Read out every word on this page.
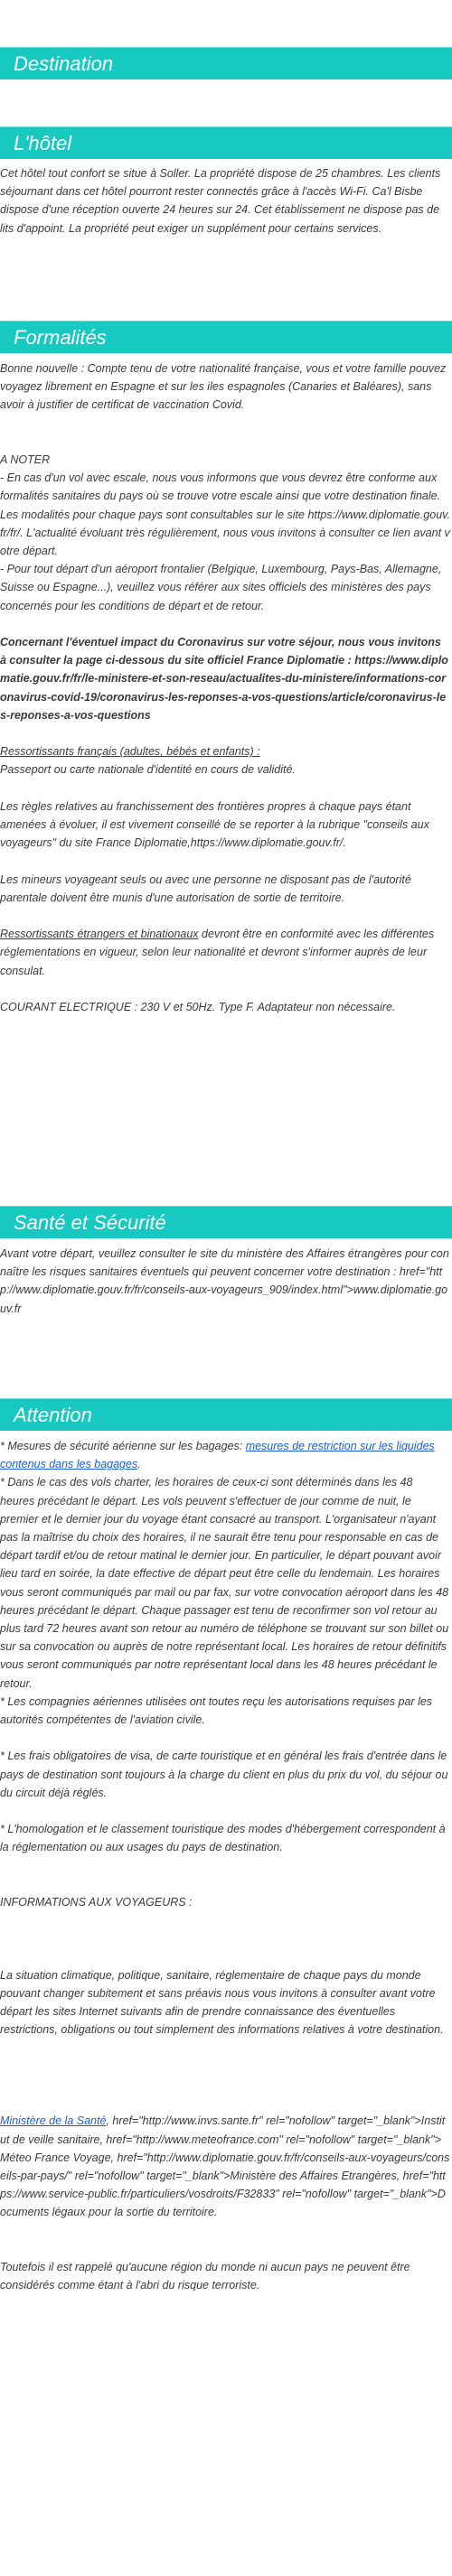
Destination
L'hôtel

Cet hôtel tout confort se situe à Soller. La propriété dispose de 25 chambres. Les clients séjournant dans cet hôtel pourront rester connectés grâce à l'accès Wi-Fi. Ca'l Bisbe dispose d'une réception ouverte 24 heures sur 24. Cet établissement ne dispose pas de lits d'appoint. La propriété peut exiger un supplément pour certains services.

Formalités

Bonne nouvelle : Compte tenu de votre nationalité française, vous et votre famille pouvez voyagez librement en Espagne et sur les iles espagnoles (Canaries et Baléares), sans avoir à justifier de certificat de vaccination Covid.

A NOTER

- En cas d'un vol avec escale, nous vous informons que vous devrez être conforme aux formalités sanitaires du pays où se trouve votre escale ainsi que votre destination finale.

Les modalités pour chaque pays sont consultables sur le site https://www.diplomatie.gouv.fr/fr/. L'actualité évoluant très régulièrement, nous vous invitons à consulter ce lien avant votre départ.

- Pour tout départ d'un aéroport frontalier (Belgique, Luxembourg, Pays-Bas, Allemagne, Suisse ou Espagne...), veuillez vous référer aux sites officiels des ministères des pays concernés pour les conditions de départ et de retour.

Concernant l'éventuel impact du Coronavirus sur votre séjour, nous vous invitons à consulter la page ci-dessous du site officiel France Diplomatie : https://www.diplomatie.gouv.fr/fr/le-ministere-et-son-reseau/actualites-du-ministere/informations-coronavirus-covid-19/coronavirus-les-reponses-a-vos-questions/article/coronavirus-les-reponses-a-vos-questions

Ressortissants français (adultes, bébés et enfants) :

Passeport ou carte nationale d'identité en cours de validité.

Les règles relatives au franchissement des frontières propres à chaque pays étant amenées à évoluer, il est vivement conseillé de se reporter à la rubrique "conseils aux voyageurs" du site France Diplomatie,https://www.diplomatie.gouv.fr/.

Les mineurs voyageant seuls ou avec une personne ne disposant pas de l'autorité parentale doivent être munis d'une autorisation de sortie de territoire.

Ressortissants étrangers et binationaux devront être en conformité avec les différentes réglementations en vigueur, selon leur nationalité et devront s'informer auprès de leur consulat.

COURANT ELECTRIQUE : 230 V et 50Hz. Type F. Adaptateur non nécessaire.

Santé et Sécurité

Avant votre départ, veuillez consulter le site du ministère des Affaires étrangères pour connaître les risques sanitaires éventuels qui peuvent concerner votre destination : href="http://www.diplomatie.gouv.fr/fr/conseils-aux-voyageurs_909/index.html">www.diplomatie.gouv.fr

Attention

* Mesures de sécurité aérienne sur les bagages: mesures de restriction sur les liquides contenus dans les bagages.

* Dans le cas des vols charter, les horaires de ceux-ci sont déterminés dans les 48 heures précédant le départ. Les vols peuvent s'effectuer de jour comme de nuit, le premier et le dernier jour du voyage étant consacré au transport. L'organisateur n'ayant pas la maîtrise du choix des horaires, il ne saurait être tenu pour responsable en cas de départ tardif et/ou de retour matinal le dernier jour. En particulier, le départ pouvant avoir lieu tard en soirée, la date effective de départ peut être celle du lendemain. Les horaires vous seront communiqués par mail ou par fax, sur votre convocation aéroport dans les 48 heures précédant le départ. Chaque passager est tenu de reconfirmer son vol retour au plus tard 72 heures avant son retour au numéro de téléphone se trouvant sur son billet ou sur sa convocation ou auprès de notre représentant local. Les horaires de retour définitifs vous seront communiqués par notre représentant local dans les 48 heures précédant le retour.

* Les compagnies aériennes utilisées ont toutes reçu les autorisations requises par les autorités compétentes de l'aviation civile.

* Les frais obligatoires de visa, de carte touristique et en général les frais d'entrée dans le pays de destination sont toujours à la charge du client en plus du prix du vol, du séjour ou du circuit déjà réglés.

* L'homologation et le classement touristique des modes d'hébergement correspondent à la réglementation ou aux usages du pays de destination.

INFORMATIONS AUX VOYAGEURS :

La situation climatique, politique, sanitaire, réglementaire de chaque pays du monde pouvant changer subitement et sans préavis nous vous invitons à consulter avant votre départ les sites Internet suivants afin de prendre connaissance des éventuelles restrictions, obligations ou tout simplement des informations relatives à votre destination.

Ministère de la Santé, href="http://www.invs.sante.fr" rel="nofollow" target="_blank">Institut de veille sanitaire, href="http://www.meteofrance.com" rel="nofollow" target="_blank">Méteo France Voyage, href="http://www.diplomatie.gouv.fr/fr/conseils-aux-voyageurs/conseils-par-pays/" rel="nofollow" target="_blank">Ministère des Affaires Etrangères, href="https://www.service-public.fr/particuliers/vosdroits/F32833" rel="nofollow" target="_blank">Documents légaux pour la sortie du territoire.

Toutefois il est rappelé qu'aucune région du monde ni aucun pays ne peuvent être considérés comme étant à l'abri du risque terroriste.
